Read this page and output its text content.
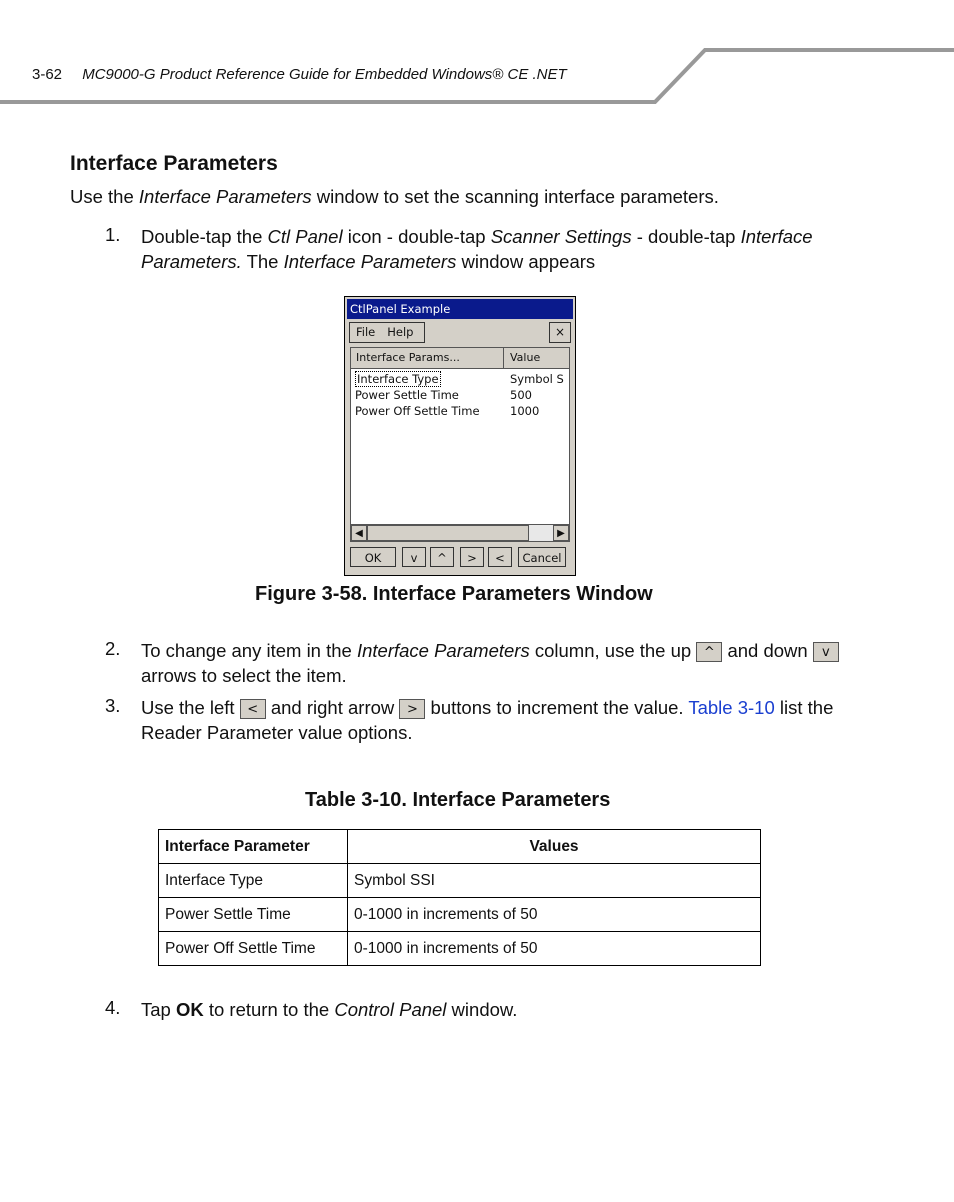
3-62 MC9000-G Product Reference Guide for Embedded Windows® CE .NET
Interface Parameters
Use the Interface Parameters window to set the scanning interface parameters.
1. Double-tap the Ctl Panel icon - double-tap Scanner Settings - double-tap Interface
Parameters. The Interface Parameters window appears
CtlPanel Example
File Help	×
Interface Params...	Value
Interface Type	Symbol S
Power Settle Time	500
Power Off Settle Time	1000
◀	▶
OK	v	^	>	<	Cancel
Figure 3-58. Interface Parameters Window
2. To change any item in the Interface Parameters column, use the up ^ and down v
arrows to select the item.
3. Use the left < and right arrow > buttons to increment the value. Table 3-10 list the
Reader Parameter value options.
Table 3-10. Interface Parameters
Interface Parameter	Values
Interface Type	Symbol SSI
Power Settle Time	0-1000 in increments of 50
Power Off Settle Time	0-1000 in increments of 50
4. Tap OK to return to the Control Panel window.
